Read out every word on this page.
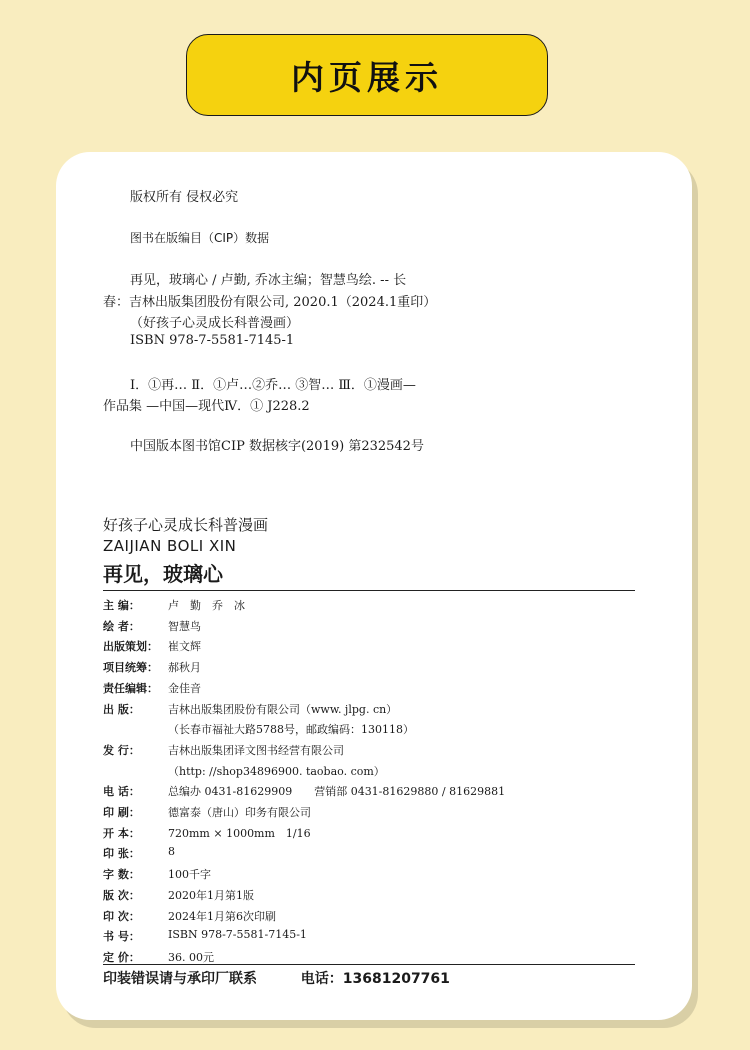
内页展示
版权所有 侵权必究
图书在版编目（CIP）数据
再见，玻璃心 / 卢勤, 乔冰主编；智慧鸟绘. -- 长
春：吉林出版集团股份有限公司, 2020.1（2024.1重印）
（好孩子心灵成长科普漫画）
ISBN 978-7-5581-7145-1
Ⅰ．①再… Ⅱ．①卢…②乔… ③智… Ⅲ．①漫画—
作品集 —中国—现代Ⅳ．① J228.2
中国版本图书馆CIP 数据核字(2019) 第232542号
好孩子心灵成长科普漫画
ZAIJIAN BOLI XIN
再见，玻璃心
主 编：	卢　勤　乔　冰
绘 者：	智慧鸟
出版策划： 崔文辉
项目统筹： 郝秋月
责任编辑： 金佳音
出 版：	吉林出版集团股份有限公司（www. jlpg. cn）
（长春市福祉大路5788号，邮政编码：130118）
发 行：	吉林出版集团译文图书经营有限公司
（http: //shop34896900. taobao. com）
电 话：	总编办 0431-81629909　　营销部 0431-81629880 / 81629881
印 刷：	德富泰（唐山）印务有限公司
开 本：	720mm × 1000mm　1/16
印 张：	8
字 数：	100千字
版 次：	2020年1月第1版
印 次：	2024年1月第6次印刷
书 号：	ISBN 978-7-5581-7145-1
定 价：	36. 00元
印装错误请与承印厂联系	电话：13681207761
